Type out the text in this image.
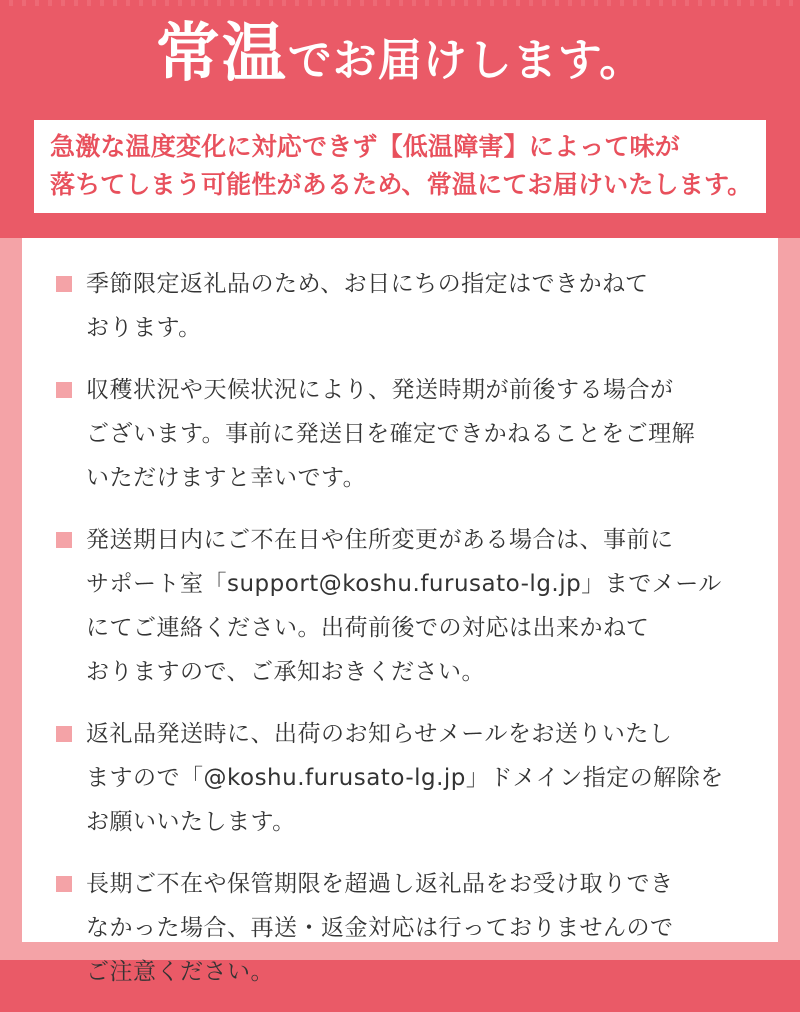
常温でお届けします。

急激な温度変化に対応できず【低温障害】によって味が

落ちてしまう可能性があるため、常温にてお届けいたします。

季節限定返礼品のため、お日にちの指定はできかねて
おります。

収穫状況や天候状況により、発送時期が前後する場合が
ございます。事前に発送日を確定できかねることをご理解
いただけますと幸いです。

発送期日内にご不在日や住所変更がある場合は、事前に
サポート室「support@koshu.furusato-lg.jp」までメール
にてご連絡ください。出荷前後での対応は出来かねて
おりますので、ご承知おきください。

返礼品発送時に、出荷のお知らせメールをお送りいたし
ますので「@koshu.furusato-lg.jp」ドメイン指定の解除を
お願いいたします。

長期ご不在や保管期限を超過し返礼品をお受け取りでき
なかった場合、再送・返金対応は行っておりませんので
ご注意ください。
